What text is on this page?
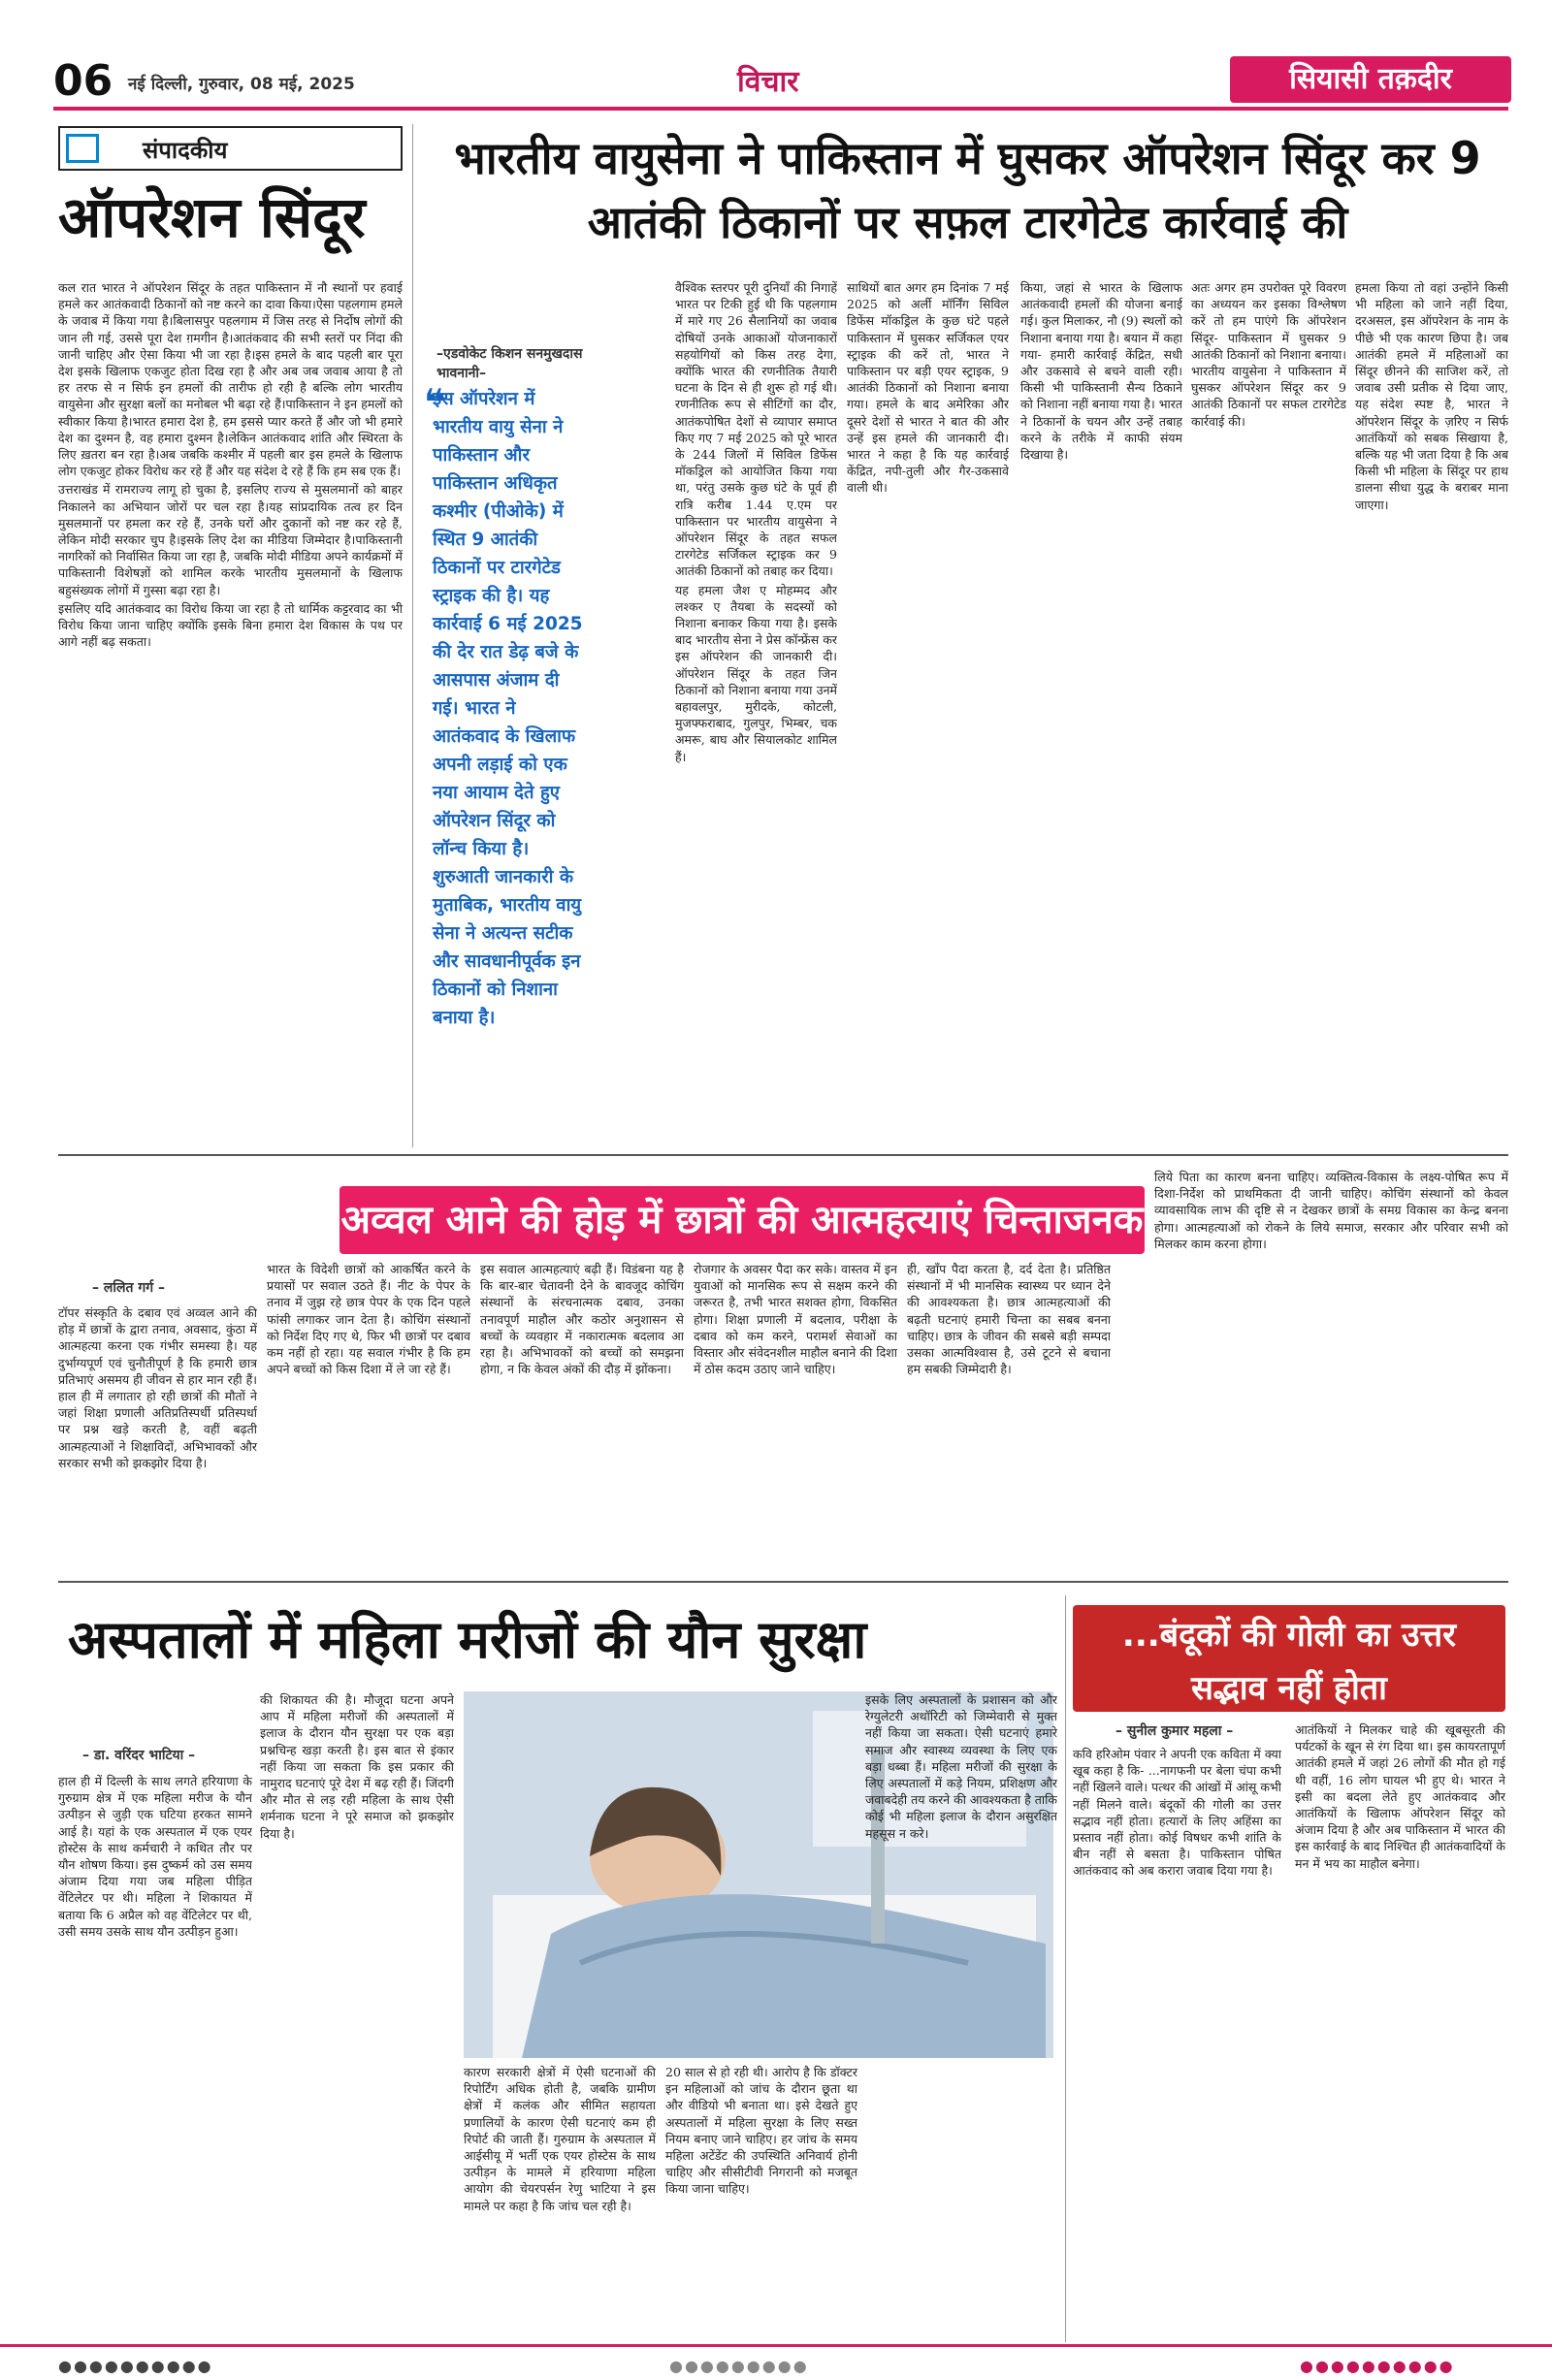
06 नई दिल्ली, गुरुवार, 08 मई, 2025	विचार	सियासी तक़दीर
संपादकीय
ऑपरेशन सिंदूर

कल रात भारत ने ऑपरेशन सिंदूर के तहत पाकिस्तान में नौ स्थानों पर हवाई हमले कर आतंकवादी ठिकानों को नष्ट करने का दावा किया।ऐसा पहलगाम हमले के जवाब में किया गया है।बिलासपुर पहलगाम में जिस तरह से निर्दोष लोगों की जान ली गई, उससे पूरा देश ग़मगीन है।आतंकवाद की सभी स्तरों पर निंदा की जानी चाहिए और ऐसा किया भी जा रहा है।इस हमले के बाद पहली बार पूरा देश इसके खिलाफ एकजुट होता दिख रहा है और अब जब जवाब आया है तो हर तरफ से न सिर्फ इन हमलों की तारीफ हो रही है बल्कि लोग भारतीय वायुसेना और सुरक्षा बलों का मनोबल भी बढ़ा रहे हैं।पाकिस्तान ने इन हमलों को स्वीकार किया है।भारत हमारा देश है, हम इससे प्यार करते हैं और जो भी हमारे देश का दुश्मन है, वह हमारा दुश्मन है।लेकिन आतंकवाद शांति और स्थिरता के लिए ख़तरा बन रहा है।अब जबकि कश्मीर में पहली बार इस हमले के खिलाफ लोग एकजुट होकर विरोध कर रहे हैं और यह संदेश दे रहे हैं कि हम सब एक हैं।

उत्तराखंड में रामराज्य लागू हो चुका है, इसलिए राज्य से मुसलमानों को बाहर निकालने का अभियान जोरों पर चल रहा है।यह सांप्रदायिक तत्व हर दिन मुसलमानों पर हमला कर रहे हैं, उनके घरों और दुकानों को नष्ट कर रहे हैं, लेकिन मोदी सरकार चुप है।इसके लिए देश का मीडिया जिम्मेदार है।पाकिस्तानी नागरिकों को निर्वासित किया जा रहा है, जबकि मोदी मीडिया अपने कार्यक्रमों में पाकिस्तानी विशेषज्ञों को शामिल करके भारतीय मुसलमानों के खिलाफ बहुसंख्यक लोगों में गुस्सा बढ़ा रहा है।

इसलिए यदि आतंकवाद का विरोध किया जा रहा है तो धार्मिक कट्टरवाद का भी विरोध किया जाना चाहिए क्योंकि इसके बिना हमारा देश विकास के पथ पर आगे नहीं बढ़ सकता।

भारतीय वायुसेना ने पाकिस्तान में घुसकर ऑपरेशन सिंदूर कर 9 आतंकी ठिकानों पर सफ़ल टारगेटेड कार्रवाई की
–एडवोकेट किशन सनमुखदास भावनानी–
❝
इस ऑपरेशन में भारतीय वायु सेना ने पाकिस्तान और पाकिस्तान अधिकृत कश्मीर (पीओके) में स्थित 9 आतंकी ठिकानों पर टारगेटेड स्ट्राइक की है। यह कार्रवाई 6 मई 2025 की देर रात डेढ़ बजे के आसपास अंजाम दी गई। भारत ने आतंकवाद के खिलाफ अपनी लड़ाई को एक नया आयाम देते हुए ऑपरेशन सिंदूर को लॉन्च किया है। शुरुआती जानकारी के मुताबिक, भारतीय वायु सेना ने अत्यन्त सटीक और सावधानीपूर्वक इन ठिकानों को निशाना बनाया है।

वैश्विक स्तरपर पूरी दुनियाँ की निगाहें भारत पर टिकी हुई थी कि पहलगाम में मारे गए 26 सैलानियों का जवाब दोषियों उनके आकाओं योजनाकारों सहयोगियों को किस तरह देगा, क्योंकि भारत की रणनीतिक तैयारी घटना के दिन से ही शुरू हो गई थी। रणनीतिक रूप से सीटिंगों का दौर, आतंकपोषित देशों से व्यापार समाप्त किए गए 7 मई 2025 को पूरे भारत के 244 जिलों में सिविल डिफेंस मॉकड्रिल को आयोजित किया गया था, परंतु उसके कुछ घंटे के पूर्व ही रात्रि करीब 1.44 ए.एम पर पाकिस्तान पर भारतीय वायुसेना ने ऑपरेशन सिंदूर के तहत सफल टारगेटेड सर्जिकल स्ट्राइक कर 9 आतंकी ठिकानों को तबाह कर दिया।

यह हमला जैश ए मोहम्मद और लश्कर ए तैयबा के सदस्यों को निशाना बनाकर किया गया है। इसके बाद भारतीय सेना ने प्रेस कॉन्फ्रेंस कर इस ऑपरेशन की जानकारी दी। ऑपरेशन सिंदूर के तहत जिन ठिकानों को निशाना बनाया गया उनमें बहावलपुर, मुरीदके, कोटली, मुजफ्फराबाद, गुलपुर, भिम्बर, चक अमरू, बाघ और सियालकोट शामिल हैं।

साथियों बात अगर हम दिनांक 7 मई 2025 को अर्ली मॉर्निंग सिविल डिफेंस मॉकड्रिल के कुछ घंटे पहले पाकिस्तान में घुसकर सर्जिकल एयर स्ट्राइक की करें तो, भारत ने पाकिस्तान पर बड़ी एयर स्ट्राइक, 9 आतंकी ठिकानों को निशाना बनाया गया। हमले के बाद अमेरिका और दूसरे देशों से भारत ने बात की और उन्हें इस हमले की जानकारी दी। भारत ने कहा है कि यह कार्रवाई केंद्रित, नपी-तुली और गैर-उकसावे वाली थी।

किया, जहां से भारत के खिलाफ आतंकवादी हमलों की योजना बनाई गई। कुल मिलाकर, नौ (9) स्थलों को निशाना बनाया गया है। बयान में कहा गया- हमारी कार्रवाई केंद्रित, सधी और उकसावे से बचने वाली रही। किसी भी पाकिस्तानी सैन्य ठिकाने को निशाना नहीं बनाया गया है। भारत ने ठिकानों के चयन और उन्हें तबाह करने के तरीके में काफी संयम दिखाया है।

अतः अगर हम उपरोक्त पूरे विवरण का अध्ययन कर इसका विश्लेषण करें तो हम पाएंगे कि ऑपरेशन सिंदूर- पाकिस्तान में घुसकर 9 आतंकी ठिकानों को निशाना बनाया। भारतीय वायुसेना ने पाकिस्तान में घुसकर ऑपरेशन सिंदूर कर 9 आतंकी ठिकानों पर सफल टारगेटेड कार्रवाई की।

हमला किया तो वहां उन्होंने किसी भी महिला को जाने नहीं दिया, दरअसल, इस ऑपरेशन के नाम के पीछे भी एक कारण छिपा है। जब आतंकी हमले में महिलाओं का सिंदूर छीनने की साजिश करें, तो जवाब उसी प्रतीक से दिया जाए, यह संदेश स्पष्ट है, भारत ने ऑपरेशन सिंदूर के ज़रिए न सिर्फ आतंकियों को सबक सिखाया है, बल्कि यह भी जता दिया है कि अब किसी भी महिला के सिंदूर पर हाथ डालना सीधा युद्ध के बराबर माना जाएगा।

अव्वल आने की होड़ में छात्रों की आत्महत्याएं चिन्ताजनक
– ललित गर्ग –

टॉपर संस्कृति के दबाव एवं अव्वल आने की होड़ में छात्रों के द्वारा तनाव, अवसाद, कुंठा में आत्महत्या करना एक गंभीर समस्या है। यह दुर्भाग्यपूर्ण एवं चुनौतीपूर्ण है कि हमारी छात्र प्रतिभाएं असमय ही जीवन से हार मान रही हैं। हाल ही में लगातार हो रही छात्रों की मौतों ने जहां शिक्षा प्रणाली अतिप्रतिस्पर्धी प्रतिस्पर्धा पर प्रश्न खड़े करती है, वहीं बढ़ती आत्महत्याओं ने शिक्षाविदों, अभिभावकों और सरकार सभी को झकझोर दिया है।

भारत के विदेशी छात्रों को आकर्षित करने के प्रयासों पर सवाल उठते हैं। नीट के पेपर के तनाव में जुझ रहे छात्र पेपर के एक दिन पहले फांसी लगाकर जान देता है। कोचिंग संस्थानों को निर्देश दिए गए थे, फिर भी छात्रों पर दबाव कम नहीं हो रहा। यह सवाल गंभीर है कि हम अपने बच्चों को किस दिशा में ले जा रहे हैं।

इस सवाल आत्महत्याएं बढ़ी हैं। विडंबना यह है कि बार-बार चेतावनी देने के बावजूद कोचिंग संस्थानों के संरचनात्मक दबाव, उनका तनावपूर्ण माहौल और कठोर अनुशासन से बच्चों के व्यवहार में नकारात्मक बदलाव आ रहा है। अभिभावकों को बच्चों को समझना होगा, न कि केवल अंकों की दौड़ में झोंकना।

रोजगार के अवसर पैदा कर सके। वास्तव में इन युवाओं को मानसिक रूप से सक्षम करने की जरूरत है, तभी भारत सशक्त होगा, विकसित होगा। शिक्षा प्रणाली में बदलाव, परीक्षा के दबाव को कम करने, परामर्श सेवाओं का विस्तार और संवेदनशील माहौल बनाने की दिशा में ठोस कदम उठाए जाने चाहिए।

ही, खाँप पैदा करता है, दर्द देता है। प्रतिष्ठित संस्थानों में भी मानसिक स्वास्थ्य पर ध्यान देने की आवश्यकता है। छात्र आत्महत्याओं की बढ़ती घटनाएं हमारी चिन्ता का सबब बनना चाहिए। छात्र के जीवन की सबसे बड़ी सम्पदा उसका आत्मविश्वास है, उसे टूटने से बचाना हम सबकी जिम्मेदारी है।

लिये पिता का कारण बनना चाहिए। व्यक्तित्व-विकास के लक्ष्य-पोषित रूप में दिशा-निर्देश को प्राथमिकता दी जानी चाहिए। कोचिंग संस्थानों को केवल व्यावसायिक लाभ की दृष्टि से न देखकर छात्रों के समग्र विकास का केन्द्र बनना होगा। आत्महत्याओं को रोकने के लिये समाज, सरकार और परिवार सभी को मिलकर काम करना होगा।

अस्पतालों में महिला मरीजों की यौन सुरक्षा
– डा. वरिंदर भाटिया –

हाल ही में दिल्ली के साथ लगते हरियाणा के गुरुग्राम क्षेत्र में एक महिला मरीज के यौन उत्पीड़न से जुड़ी एक घटिया हरकत सामने आई है। यहां के एक अस्पताल में एक एयर होस्टेस के साथ कर्मचारी ने कथित तौर पर यौन शोषण किया। इस दुष्कर्म को उस समय अंजाम दिया गया जब महिला पीड़ित वेंटिलेटर पर थी। महिला ने शिकायत में बताया कि 6 अप्रैल को वह वेंटिलेटर पर थी, उसी समय उसके साथ यौन उत्पीड़न हुआ।

की शिकायत की है। मौजूदा घटना अपने आप में महिला मरीजों की अस्पतालों में इलाज के दौरान यौन सुरक्षा पर एक बड़ा प्रश्नचिन्ह खड़ा करती है। इस बात से इंकार नहीं किया जा सकता कि इस प्रकार की नामुराद घटनाएं पूरे देश में बढ़ रही हैं। जिंदगी और मौत से लड़ रही महिला के साथ ऐसी शर्मनाक घटना ने पूरे समाज को झकझोर दिया है।

कारण सरकारी क्षेत्रों में ऐसी घटनाओं की रिपोर्टिंग अधिक होती है, जबकि ग्रामीण क्षेत्रों में कलंक और सीमित सहायता प्रणालियों के कारण ऐसी घटनाएं कम ही रिपोर्ट की जाती हैं। गुरुग्राम के अस्पताल में आईसीयू में भर्ती एक एयर होस्टेस के साथ उत्पीड़न के मामले में हरियाणा महिला आयोग की चेयरपर्सन रेणु भाटिया ने इस मामले पर कहा है कि जांच चल रही है।

20 साल से हो रही थी। आरोप है कि डॉक्टर इन महिलाओं को जांच के दौरान छूता था और वीडियो भी बनाता था। इसे देखते हुए अस्पतालों में महिला सुरक्षा के लिए सख्त नियम बनाए जाने चाहिए। हर जांच के समय महिला अटेंडेंट की उपस्थिति अनिवार्य होनी चाहिए और सीसीटीवी निगरानी को मजबूत किया जाना चाहिए।

इसके लिए अस्पतालों के प्रशासन को और रेग्युलेटरी अथॉरिटी को जिम्मेवारी से मुक्त नहीं किया जा सकता। ऐसी घटनाएं हमारे समाज और स्वास्थ्य व्यवस्था के लिए एक बड़ा धब्बा हैं। महिला मरीजों की सुरक्षा के लिए अस्पतालों में कड़े नियम, प्रशिक्षण और जवाबदेही तय करने की आवश्यकता है ताकि कोई भी महिला इलाज के दौरान असुरक्षित महसूस न करे।

...बंदूकों की गोली का उत्तर
सद्भाव नहीं होता
– सुनील कुमार महला –

कवि हरिओम पंवार ने अपनी एक कविता में क्या खूब कहा है कि- ...नागफनी पर बेला चंपा कभी नहीं खिलने वाले। पत्थर की आंखों में आंसू कभी नहीं मिलने वाले। बंदूकों की गोली का उत्तर सद्भाव नहीं होता। हत्यारों के लिए अहिंसा का प्रस्ताव नहीं होता। कोई विषधर कभी शांति के बीन नहीं से बसता है। पाकिस्तान पोषित आतंकवाद को अब करारा जवाब दिया गया है।

आतंकियों ने मिलकर चाहे की खूबसूरती की पर्यटकों के खून से रंग दिया था। इस कायरतापूर्ण आतंकी हमले में जहां 26 लोगों की मौत हो गई थी वहीं, 16 लोग घायल भी हुए थे। भारत ने इसी का बदला लेते हुए आतंकवाद और आतंकियों के खिलाफ ऑपरेशन सिंदूर को अंजाम दिया है और अब पाकिस्तान में भारत की इस कार्रवाई के बाद निश्चित ही आतंकवादियों के मन में भय का माहौल बनेगा।

●●●●●●●●●●	●●●●●●●●●	●●●●●●●●●●
